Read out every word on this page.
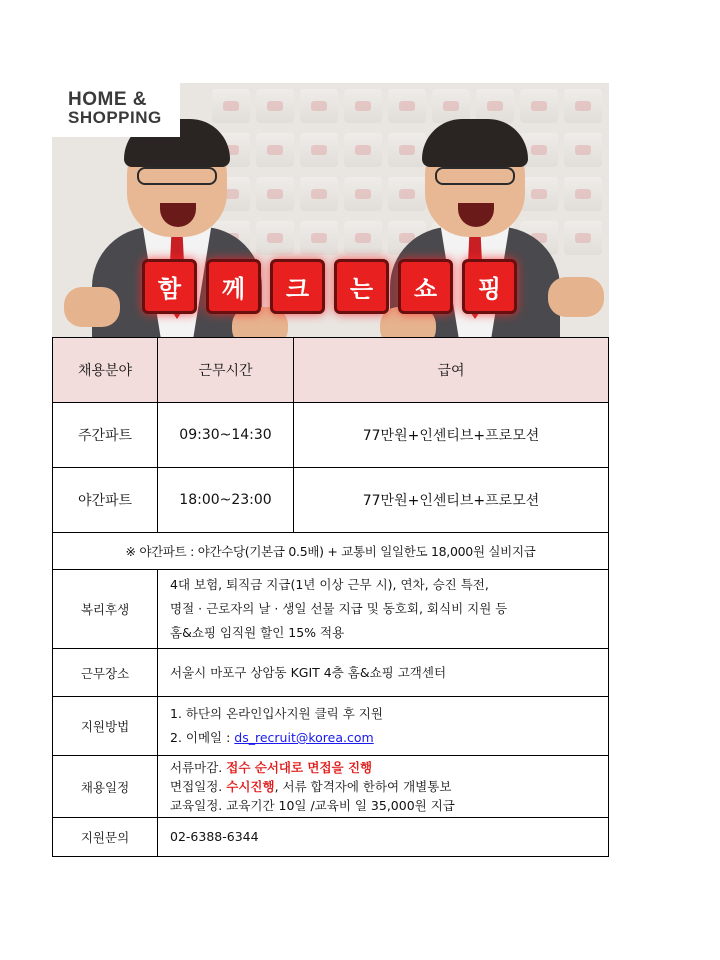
HOME &
SHOPPING
함	께	크	는	쇼	핑
채용분야	근무시간	급여
주간파트	09:30~14:30	77만원+인센티브+프로모션
야간파트	18:00~23:00	77만원+인센티브+프로모션
※ 야간파트 : 야간수당(기본급 0.5배) + 교통비 일일한도 18,000원 실비지급		
복리후생	4대 보험, 퇴직금 지급(1년 이상 근무 시), 연차, 승진 특전,
명절 · 근로자의 날 · 생일 선물 지급 및 동호회, 회식비 지원 등
홈&쇼핑 임직원 할인 15% 적용	

근무장소	서울시 마포구 상암동 KGIT 4층 홈&쇼핑 고객센터	
지원방법	1. 하단의 온라인입사지원 클릭 후 지원
2. 이메일 : ds_recruit@korea.com	

채용일정	서류마감. 접수 순서대로 면접을 진행
면접일정. 수시진행, 서류 합격자에 한하여 개별통보
교육일정. 교육기간 10일 /교육비 일 35,000원 지급	

지원문의	02-6388-6344	
